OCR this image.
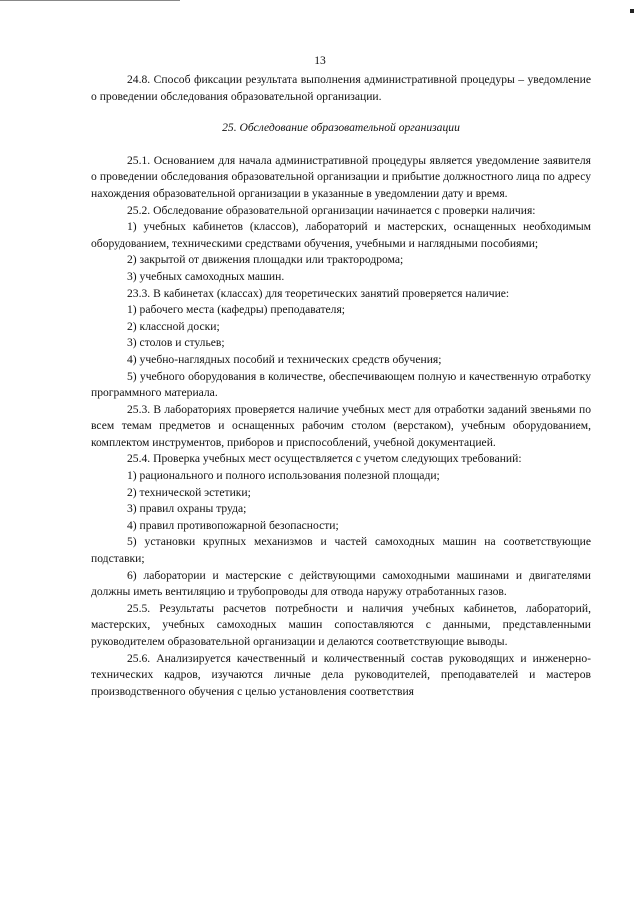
13

24.8. Способ фиксации результата выполнения административной процедуры – уведомление о проведении обследования образовательной организации.

25. Обследование образовательной организации

25.1. Основанием для начала административной процедуры является уведомление заявителя о проведении обследования образовательной организации и прибытие должностного лица по адресу нахождения образовательной организации в указанные в уведомлении дату и время.

25.2. Обследование образовательной организации начинается с проверки наличия:

1) учебных кабинетов (классов), лабораторий и мастерских, оснащенных необходимым оборудованием, техническими средствами обучения, учебными и наглядными пособиями;

2) закрытой от движения площадки или трактородрома;

3) учебных самоходных машин.

23.3. В кабинетах (классах) для теоретических занятий проверяется наличие:

1) рабочего места (кафедры) преподавателя;

2) классной доски;

3) столов и стульев;

4) учебно-наглядных пособий и технических средств обучения;

5) учебного оборудования в количестве, обеспечивающем полную и качественную отработку программного материала.

25.3. В лабораториях проверяется наличие учебных мест для отработки заданий звеньями по всем темам предметов и оснащенных рабочим столом (верстаком), учебным оборудованием, комплектом инструментов, приборов и приспособлений, учебной документацией.

25.4. Проверка учебных мест осуществляется с учетом следующих требований:

1) рационального и полного использования полезной площади;

2) технической эстетики;

3) правил охраны труда;

4) правил противопожарной безопасности;

5) установки крупных механизмов и частей самоходных машин на соответствующие подставки;

6) лаборатории и мастерские с действующими самоходными машинами и двигателями должны иметь вентиляцию и трубопроводы для отвода наружу отработанных газов.

25.5. Результаты расчетов потребности и наличия учебных кабинетов, лабораторий, мастерских, учебных самоходных машин сопоставляются с данными, представленными руководителем образовательной организации и делаются соответствующие выводы.

25.6. Анализируется качественный и количественный состав руководящих и инженерно-технических кадров, изучаются личные дела руководителей, преподавателей и мастеров производственного обучения с целью установления соответствия
